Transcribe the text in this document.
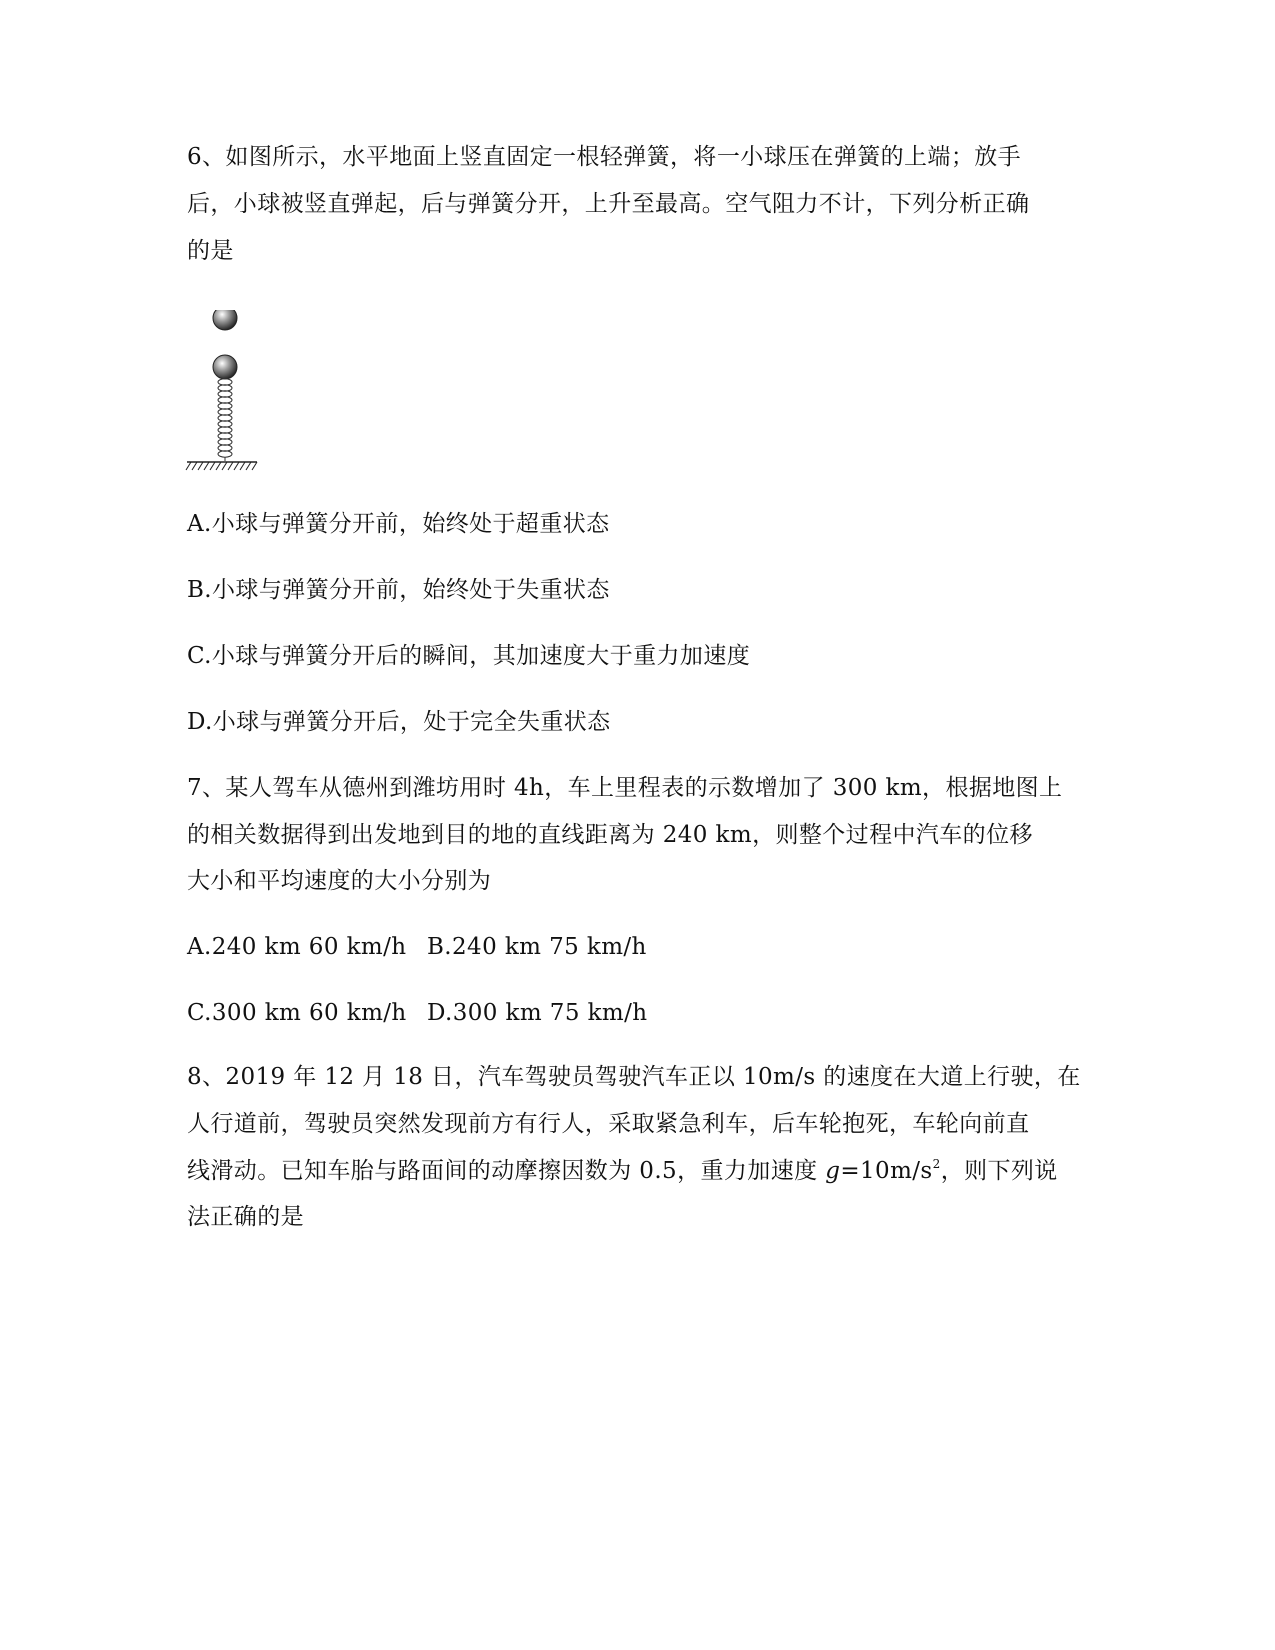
6、如图所示，水平地面上竖直固定一根轻弹簧，将一小球压在弹簧的上端；放手
后，小球被竖直弹起，后与弹簧分开，上升至最高。空气阻力不计，下列分析正确
的是
A.小球与弹簧分开前，始终处于超重状态
B.小球与弹簧分开前，始终处于失重状态
C.小球与弹簧分开后的瞬间，其加速度大于重力加速度
D.小球与弹簧分开后，处于完全失重状态
7、某人驾车从德州到潍坊用时 4h，车上里程表的示数增加了 300 km，根据地图上
的相关数据得到出发地到目的地的直线距离为 240 km，则整个过程中汽车的位移
大小和平均速度的大小分别为
A.240 km 60 km/h B.240 km 75 km/h
C.300 km 60 km/h D.300 km 75 km/h
8、2019 年 12 月 18 日，汽车驾驶员驾驶汽车正以 10m/s 的速度在大道上行驶，在
人行道前，驾驶员突然发现前方有行人，采取紧急利车，后车轮抱死，车轮向前直
线滑动。已知车胎与路面间的动摩擦因数为 0.5，重力加速度 $g=10m/s^2$，则下列说
法正确的是
